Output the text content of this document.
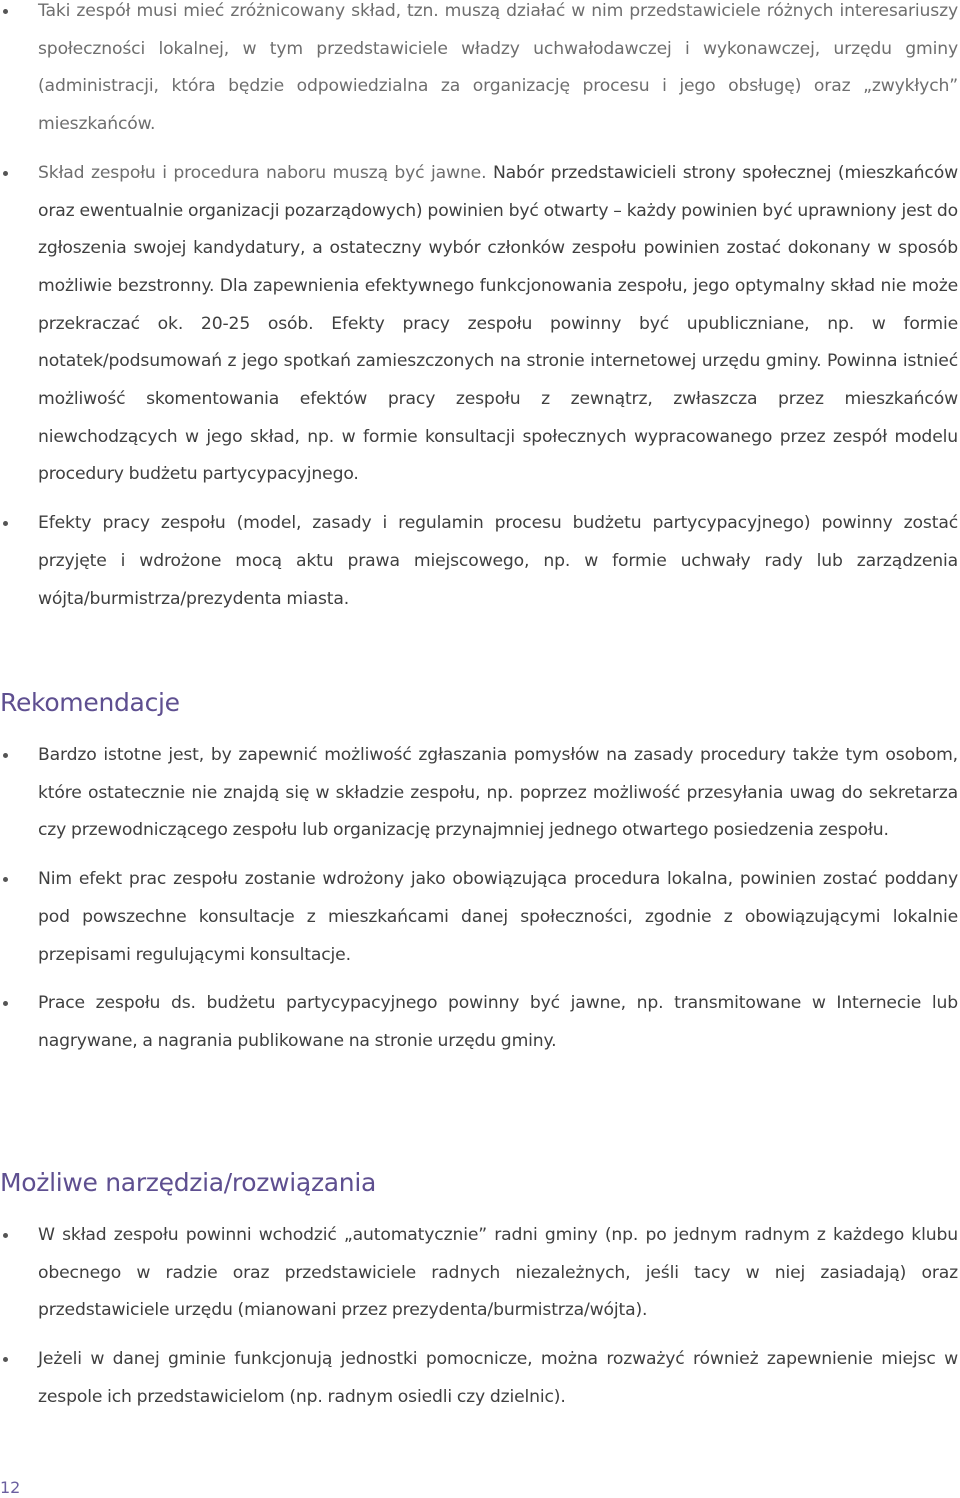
Taki zespół musi mieć zróżnicowany skład, tzn. muszą działać w nim przedstawiciele różnych interesariuszy społeczności lokalnej, w tym przedstawiciele władzy uchwałodawczej i wykonawczej, urzędu gminy (administracji, która będzie odpowiedzialna za organizację procesu i jego obsługę) oraz „zwykłych” mieszkańców.
Skład zespołu i procedura naboru muszą być jawne. Nabór przedstawicieli strony społecznej (mieszkańców oraz ewentualnie organizacji pozarządowych) powinien być otwarty – każdy powinien być uprawniony jest do zgłoszenia swojej kandydatury, a ostateczny wybór członków zespołu powinien zostać dokonany w sposób możliwie bezstronny. Dla zapewnienia efektywnego funkcjonowania zespołu, jego optymalny skład nie może przekraczać ok. 20-25 osób. Efekty pracy zespołu powinny być upubliczniane, np. w formie notatek/podsumowań z jego spotkań zamieszczonych na stronie internetowej urzędu gminy. Powinna istnieć możliwość skomentowania efektów pracy zespołu z zewnątrz, zwłaszcza przez mieszkańców niewchodzących w jego skład, np. w formie konsultacji społecznych wypracowanego przez zespół modelu procedury budżetu partycypacyjnego.
Efekty pracy zespołu (model, zasady i regulamin procesu budżetu partycypacyjnego) powinny zostać przyjęte i wdrożone mocą aktu prawa miejscowego, np. w formie uchwały rady lub zarządzenia wójta/burmistrza/prezydenta miasta.
Rekomendacje
Bardzo istotne jest, by zapewnić możliwość zgłaszania pomysłów na zasady procedury także tym osobom, które ostatecznie nie znajdą się w składzie zespołu, np. poprzez możliwość przesyłania uwag do sekretarza czy przewodniczącego zespołu lub organizację przynajmniej jednego otwartego posiedzenia zespołu.
Nim efekt prac zespołu zostanie wdrożony jako obowiązująca procedura lokalna, powinien zostać poddany pod powszechne konsultacje z mieszkańcami danej społeczności, zgodnie z obowiązującymi lokalnie przepisami regulującymi konsultacje.
Prace zespołu ds. budżetu partycypacyjnego powinny być jawne, np. transmitowane w Internecie lub nagrywane, a nagrania publikowane na stronie urzędu gminy.
Możliwe narzędzia/rozwiązania
W skład zespołu powinni wchodzić „automatycznie” radni gminy (np. po jednym radnym z każdego klubu obecnego w radzie oraz przedstawiciele radnych niezależnych, jeśli tacy w niej zasiadają) oraz przedstawiciele urzędu (mianowani przez prezydenta/burmistrza/wójta).
Jeżeli w danej gminie funkcjonują jednostki pomocnicze, można rozważyć również zapewnienie miejsc w zespole ich przedstawicielom (np. radnym osiedli czy dzielnic).
12
